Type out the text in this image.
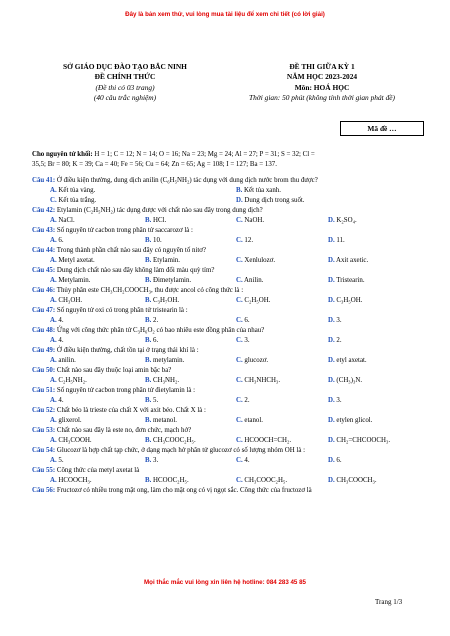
Đây là bản xem thử, vui lòng mua tài liệu để xem chi tiết (có lời giải)
SỞ GIÁO DỤC ĐÀO TẠO BẮC NINH
ĐỀ CHÍNH THỨC
(Đề thi có 03 trang)
(40 câu trắc nghiệm)
ĐỀ THI GIỮA KỲ 1
NĂM HỌC 2023-2024
Môn: HOÁ HỌC
Thời gian: 50 phút (không tính thời gian phát đề)
Mã đề …
Cho nguyên tử khối: H = 1; C = 12; N = 14; O = 16; Na = 23; Mg = 24; Al = 27; P = 31; S = 32; Cl =
35,5; Br = 80; K = 39; Ca = 40; Fe = 56; Cu = 64; Zn = 65; Ag = 108; I = 127; Ba = 137.
Câu 41: Ở điều kiện thường, dung dịch anilin (C₆H₅NH₂) tác dụng với dung dịch nước brom thu được?
A. Kết tủa vàng.	B. Kết tủa xanh.
C. Kết tủa trắng.	D. Dung dịch trong suốt.
Câu 42: Etylamin (C₂H₅NH₂) tác dụng được với chất nào sau đây trong dung dịch?
A. NaCl.	B. HCl.	C. NaOH.	D. K₂SO₄.
Câu 43: Số nguyên tử cacbon trong phân tử saccarozơ là :
A. 6.	B. 10.	C. 12.	D. 11.
Câu 44: Trong thành phần chất nào sau đây có nguyên tố nitơ?
A. Metyl axetat.	B. Etylamin.	C. Xenlulozơ.	D. Axit axetic.
Câu 45: Dung dịch chất nào sau đây không làm đổi màu quỳ tím?
A. Metylamin.	B. Đimetylamin.	C. Anilin.	D. Tristearin.
Câu 46: Thủy phân este CH₃CH₂COOCH₃, thu được ancol có công thức là :
A. CH₃OH.	B. C₃H₇OH.	C. C₂H₅OH.	D. C₃H₅OH.
Câu 47: Số nguyên tử oxi có trong phân tử tristearin là :
A. 4.	B. 2.	C. 6.	D. 3.
Câu 48: Ứng với công thức phân tử C₃H₆O₂ có bao nhiêu este đồng phân của nhau?
A. 4.	B. 6.	C. 3.	D. 2.
Câu 49: Ở điều kiện thường, chất tồn tại ở trạng thái khí là :
A. anilin.	B. metylamin.	C. glucozơ.	D. etyl axetat.
Câu 50: Chất nào sau đây thuộc loại amin bậc ba?
A. C₂H₅NH₂.	B. CH₃NH₂.	C. CH₃NHCH₃.	D. (CH₃)₃N.
Câu 51: Số nguyên tử cacbon trong phân tử đietylamin là :
A. 4.	B. 5.	C. 2.	D. 3.
Câu 52: Chất béo là trieste của chất X với axit béo. Chất X là :
A. glixerol.	B. metanol.	C. etanol.	D. etylen glicol.
Câu 53: Chất nào sau đây là este no, đơn chức, mạch hở?
A. CH₃COOH.	B. CH₃COOC₂H₅.	C. HCOOCH=CH₂.	D. CH₂=CHCOOCH₃.
Câu 54: Glucozơ là hợp chất tạp chức, ở dạng mạch hở phân tử glucozơ có số lượng nhóm OH là :
A. 5.	B. 3.	C. 4.	D. 6.
Câu 55: Công thức của metyl axetat là
A. HCOOCH₃.	B. HCOOC₂H₅.	C. CH₃COOC₂H₅.	D. CH₃COOCH₃.
Câu 56: Fructozơ có nhiều trong mật ong, làm cho mật ong có vị ngọt sắc. Công thức của fructozơ là
Mọi thắc mắc vui lòng xin liên hệ hotline: 084 283 45 85
Trang 1/3
